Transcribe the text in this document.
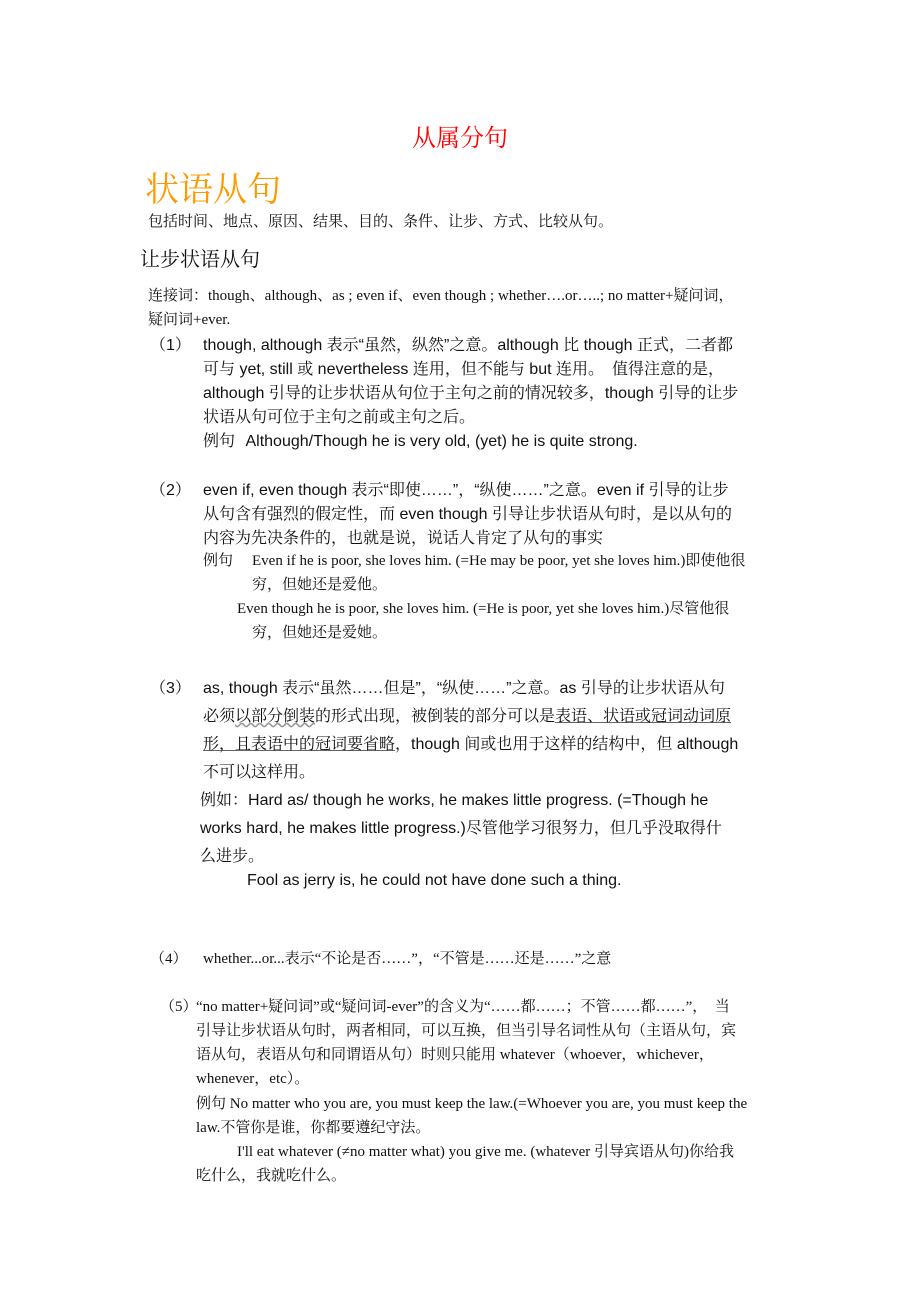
从属分句
状语从句
包括时间、地点、原因、结果、目的、条件、让步、方式、比较从句。
让步状语从句
连接词：though、although、as ; even if、even though ; whether….or…..; no matter+疑问词，
疑问词+ever.
（1） though, although 表示“虽然，纵然”之意。although 比 though 正式，二者都
可与 yet, still 或 nevertheless 连用，但不能与 but 连用。　值得注意的是，
although 引导的让步状语从句位于主句之前的情况较多，though 引导的让步
状语从句可位于主句之前或主句之后。
例句 Although/Though he is very old, (yet) he is quite strong.
（2） even if, even though 表示“即使……”，“纵使……”之意。even if 引导的让步
从句含有强烈的假定性，而 even though 引导让步状语从句时，是以从句的
内容为先决条件的，也就是说，说话人肯定了从句的事实
例句 Even if he is poor, she loves him. (=He may be poor, yet she loves him.)即使他很
穷，但她还是爱他。
Even though he is poor, she loves him. (=He is poor, yet she loves him.)尽管他很
穷，但她还是爱她。
（3） as, though 表示“虽然……但是”，“纵使……”之意。as 引导的让步状语从句
必须以部分倒装的形式出现，被倒装的部分可以是表语、状语或冠词动词原
形，且表语中的冠词要省略，though 间或也用于这样的结构中，但 although
不可以这样用。
例如：Hard as/ though he works, he makes little progress. (=Though he
works hard, he makes little progress.)尽管他学习很努力，但几乎没取得什
么进步。
Fool as jerry is, he could not have done such a thing.
（4） whether...or...表示“不论是否……”，“不管是……还是……”之意
（5）
“no matter+疑问词”或“疑问词-ever”的含义为“……都……；不管……都……”，　当
引导让步状语从句时，两者相同，可以互换，但当引导名词性从句（主语从句，宾
语从句，表语从句和同谓语从句）时则只能用 whatever（whoever，whichever，
whenever，etc）。
例句 No matter who you are, you must keep the law.(=Whoever you are, you must keep the
law.不管你是谁，你都要遵纪守法。
I'll eat whatever (≠no matter what) you give me. (whatever 引导宾语从句)你给我
吃什么，我就吃什么。
